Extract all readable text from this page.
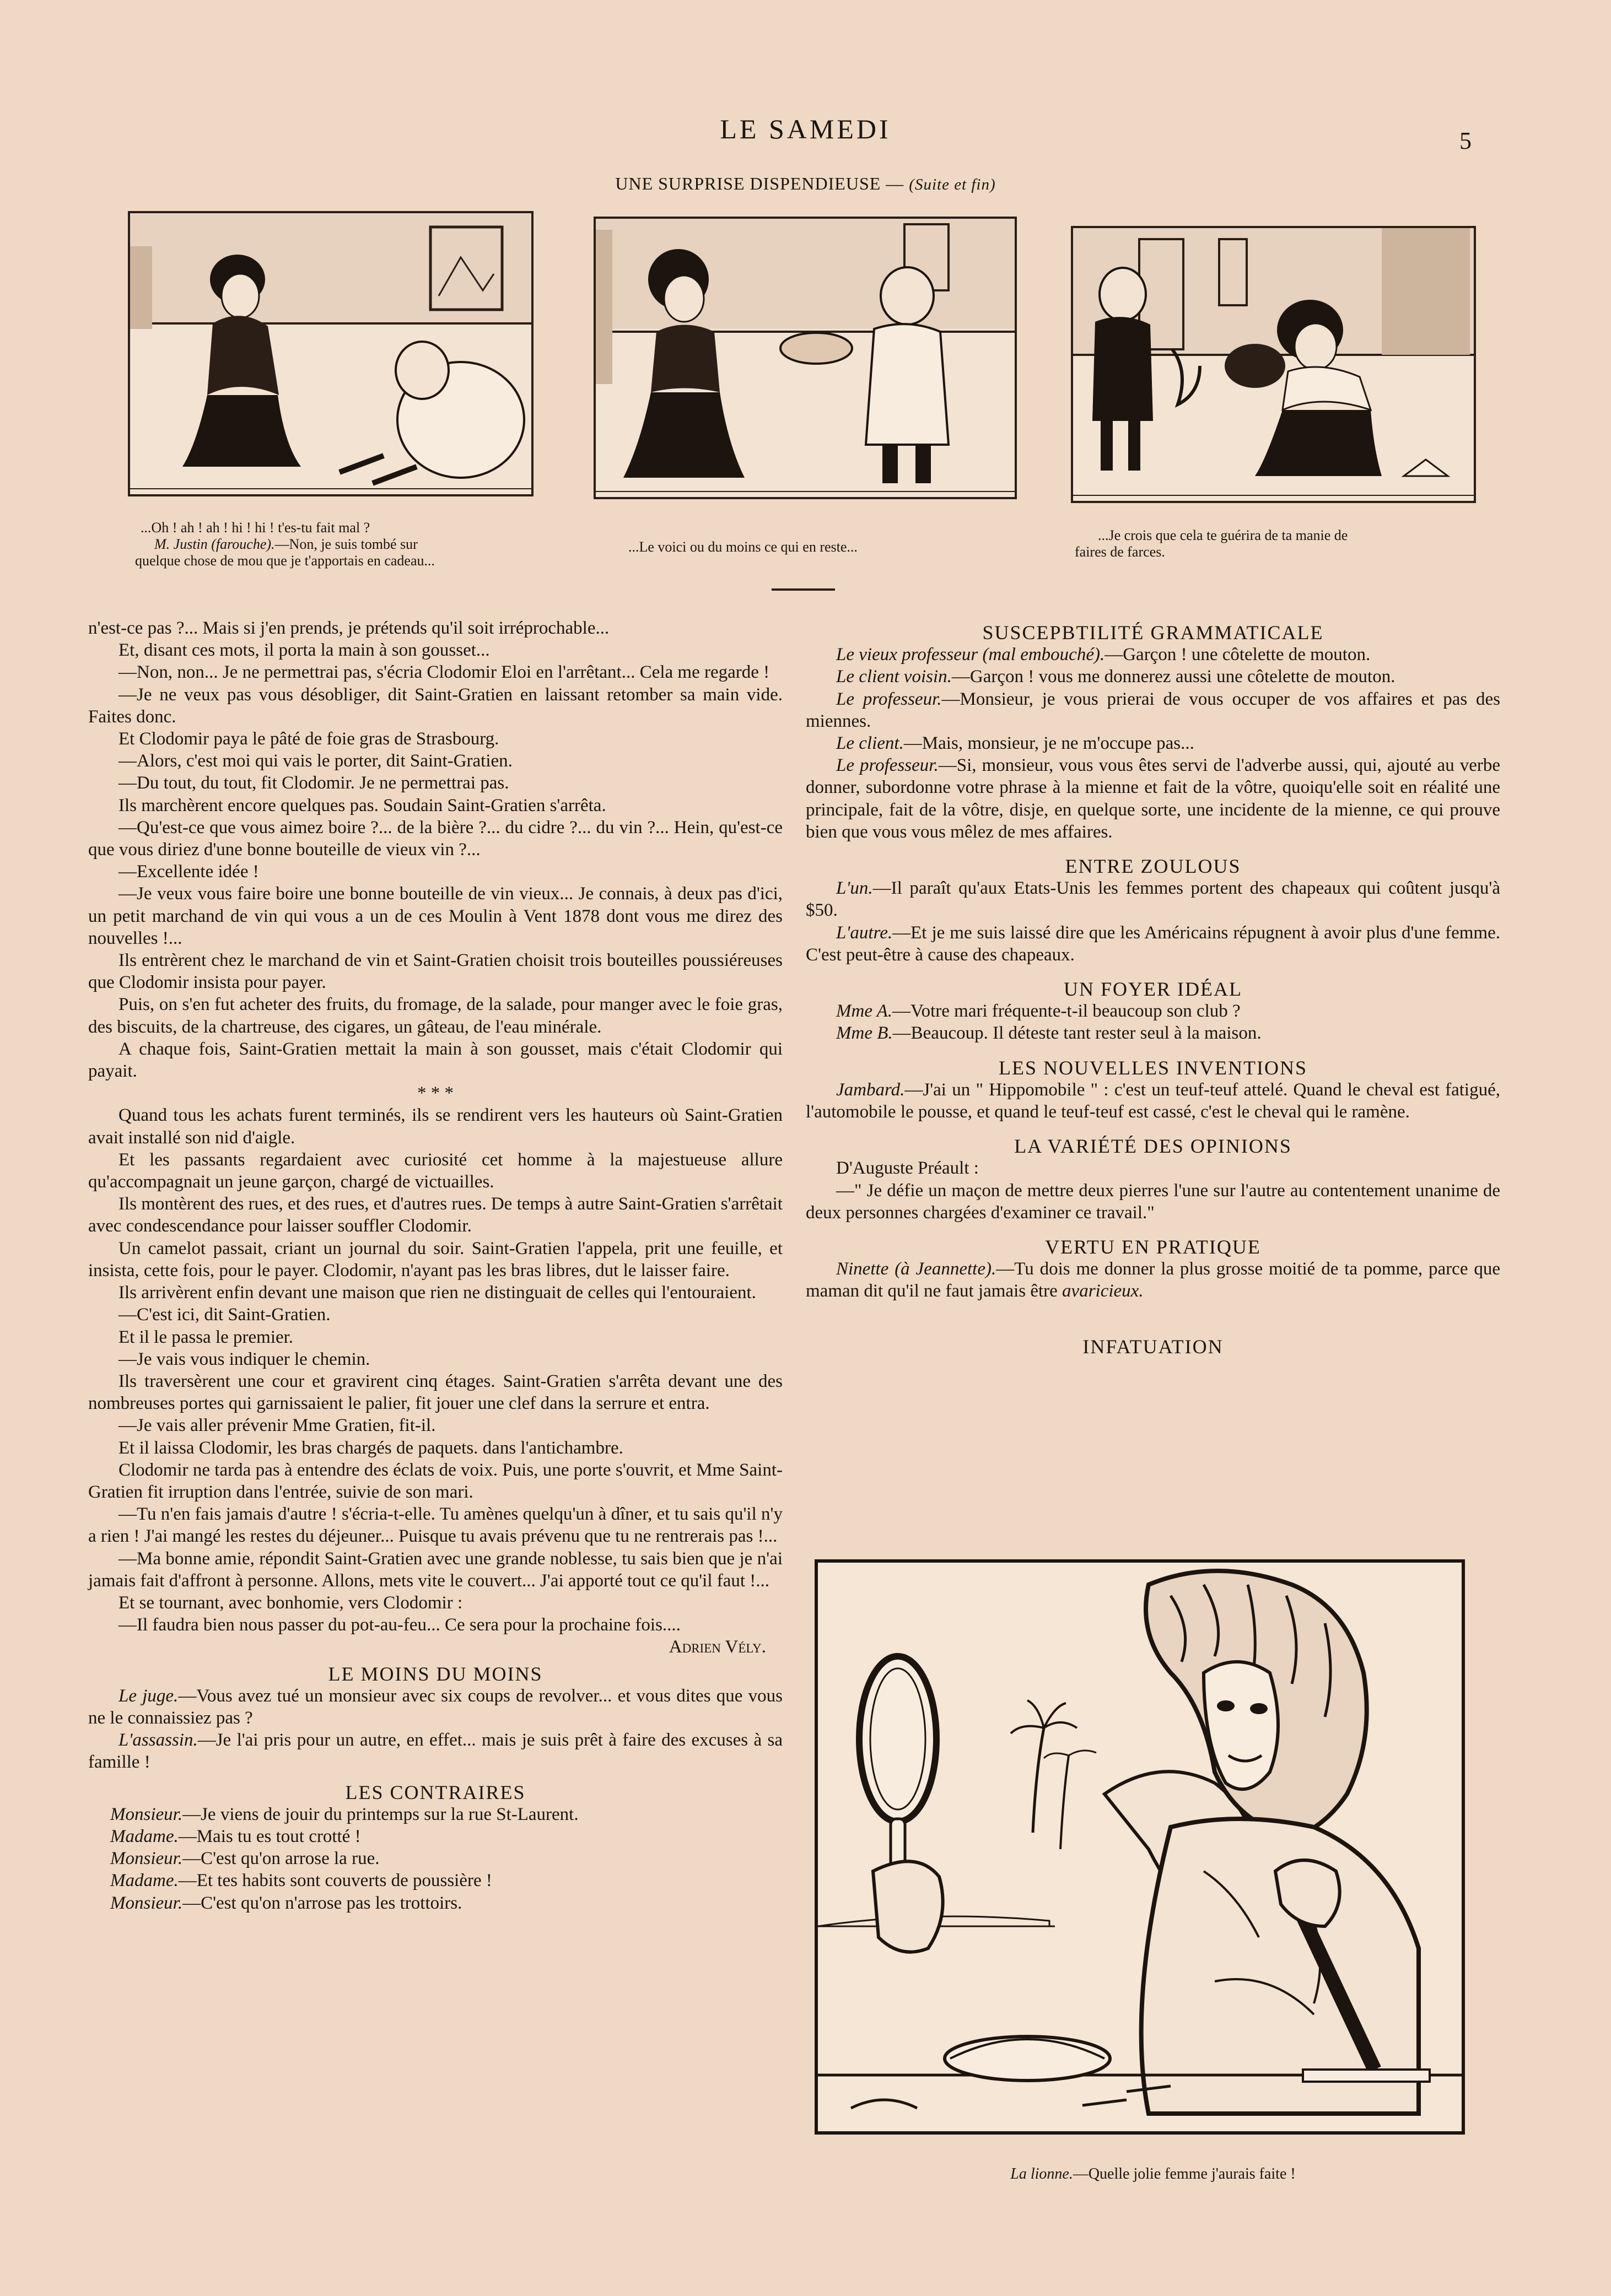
LE SAMEDI	5
UNE SURPRISE DISPENDIEUSE — (Suite et fin)
...Oh ! ah ! ah ! hi ! hi ! t'es-tu fait mal ?
M. Justin (farouche).—Non, je suis tombé sur
quelque chose de mou que je t'apportais en cadeau...
...Le voici ou du moins ce qui en reste...
...Je crois que cela te guérira de ta manie de
faires de farces.

n'est-ce pas ?... Mais si j'en prends, je prétends qu'il soit irréprochable...

Et, disant ces mots, il porta la main à son gousset...

—Non, non... Je ne permettrai pas, s'écria Clodomir Eloi en l'arrêtant... Cela me regarde !

—Je ne veux pas vous désobliger, dit Saint-Gratien en laissant retomber sa main vide. Faites donc.

Et Clodomir paya le pâté de foie gras de Strasbourg.

—Alors, c'est moi qui vais le porter, dit Saint-Gratien.

—Du tout, du tout, fit Clodomir. Je ne permettrai pas.

Ils marchèrent encore quelques pas. Soudain Saint-Gratien s'arrêta.

—Qu'est-ce que vous aimez boire ?... de la bière ?... du cidre ?... du vin ?... Hein, qu'est-ce que vous diriez d'une bonne bouteille de vieux vin ?...

—Excellente idée !

—Je veux vous faire boire une bonne bouteille de vin vieux... Je connais, à deux pas d'ici, un petit marchand de vin qui vous a un de ces Moulin à Vent 1878 dont vous me direz des nouvelles !...

Ils entrèrent chez le marchand de vin et Saint-Gratien choisit trois bouteilles poussiéreuses que Clodomir insista pour payer.

Puis, on s'en fut acheter des fruits, du fromage, de la salade, pour manger avec le foie gras, des biscuits, de la chartreuse, des cigares, un gâteau, de l'eau minérale.

A chaque fois, Saint-Gratien mettait la main à son gousset, mais c'était Clodomir qui payait.

* * *

Quand tous les achats furent terminés, ils se rendirent vers les hauteurs où Saint-Gratien avait installé son nid d'aigle.

Et les passants regardaient avec curiosité cet homme à la majestueuse allure qu'accompagnait un jeune garçon, chargé de victuailles.

Ils montèrent des rues, et des rues, et d'autres rues. De temps à autre Saint-Gratien s'arrêtait avec condescendance pour laisser souffler Clodomir.

Un camelot passait, criant un journal du soir. Saint-Gratien l'appela, prit une feuille, et insista, cette fois, pour le payer. Clodomir, n'ayant pas les bras libres, dut le laisser faire.

Ils arrivèrent enfin devant une maison que rien ne distinguait de celles qui l'entouraient.

—C'est ici, dit Saint-Gratien.

Et il le passa le premier.

—Je vais vous indiquer le chemin.

Ils traversèrent une cour et gravirent cinq étages. Saint-Gratien s'arrêta devant une des nombreuses portes qui garnissaient le palier, fit jouer une clef dans la serrure et entra.

—Je vais aller prévenir Mme Gratien, fit-il.

Et il laissa Clodomir, les bras chargés de paquets. dans l'antichambre.

Clodomir ne tarda pas à entendre des éclats de voix. Puis, une porte s'ouvrit, et Mme Saint-Gratien fit irruption dans l'entrée, suivie de son mari.

—Tu n'en fais jamais d'autre ! s'écria-t-elle. Tu amènes quelqu'un à dîner, et tu sais qu'il n'y a rien ! J'ai mangé les restes du déjeuner... Puisque tu avais prévenu que tu ne rentrerais pas !...

—Ma bonne amie, répondit Saint-Gratien avec une grande noblesse, tu sais bien que je n'ai jamais fait d'affront à personne. Allons, mets vite le couvert... J'ai apporté tout ce qu'il faut !...

Et se tournant, avec bonhomie, vers Clodomir :

—Il faudra bien nous passer du pot-au-feu... Ce sera pour la prochaine fois....

Adrien Vély.

LE MOINS DU MOINS

Le juge.—Vous avez tué un monsieur avec six coups de revolver... et vous dites que vous ne le connaissiez pas ?

L'assassin.—Je l'ai pris pour un autre, en effet... mais je suis prêt à faire des excuses à sa famille !

LES CONTRAIRES

Monsieur.—Je viens de jouir du printemps sur la rue St-Laurent.

Madame.—Mais tu es tout crotté !

Monsieur.—C'est qu'on arrose la rue.

Madame.—Et tes habits sont couverts de poussière !

Monsieur.—C'est qu'on n'arrose pas les trottoirs.

SUSCEPBTILITÉ GRAMMATICALE

Le vieux professeur (mal embouché).—Garçon ! une côtelette de mouton.

Le client voisin.—Garçon ! vous me donnerez aussi une côtelette de mouton.

Le professeur.—Monsieur, je vous prierai de vous occuper de vos affaires et pas des miennes.

Le client.—Mais, monsieur, je ne m'occupe pas...

Le professeur.—Si, monsieur, vous vous êtes servi de l'adverbe aussi, qui, ajouté au verbe donner, subordonne votre phrase à la mienne et fait de la vôtre, quoiqu'elle soit en réalité une principale, fait de la vôtre, disje, en quelque sorte, une incidente de la mienne, ce qui prouve bien que vous vous mêlez de mes affaires.

ENTRE ZOULOUS

L'un.—Il paraît qu'aux Etats-Unis les femmes portent des chapeaux qui coûtent jusqu'à $50.

L'autre.—Et je me suis laissé dire que les Américains répugnent à avoir plus d'une femme. C'est peut-être à cause des chapeaux.

UN FOYER IDÉAL

Mme A.—Votre mari fréquente-t-il beaucoup son club ?

Mme B.—Beaucoup. Il déteste tant rester seul à la maison.

LES NOUVELLES INVENTIONS

Jambard.—J'ai un " Hippomobile " : c'est un teuf-teuf attelé. Quand le cheval est fatigué, l'automobile le pousse, et quand le teuf-teuf est cassé, c'est le cheval qui le ramène.

LA VARIÉTÉ DES OPINIONS

D'Auguste Préault :

—" Je défie un maçon de mettre deux pierres l'une sur l'autre au contentement unanime de deux personnes chargées d'examiner ce travail."

VERTU EN PRATIQUE

Ninette (à Jeannette).—Tu dois me donner la plus grosse moitié de ta pomme, parce que maman dit qu'il ne faut jamais être avaricieux.

INFATUATION
La lionne.—Quelle jolie femme j'aurais faite !
